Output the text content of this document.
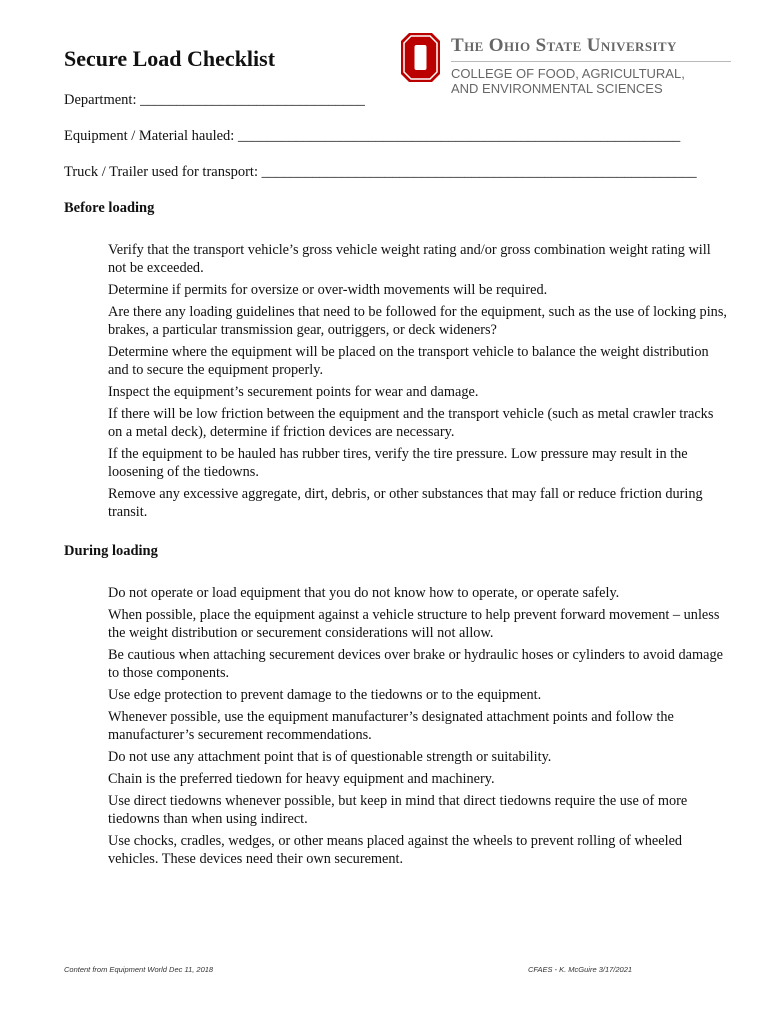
Secure Load Checklist
The Ohio State University
COLLEGE OF FOOD, AGRICULTURAL,
AND ENVIRONMENTAL SCIENCES
Department: _______________________________
Equipment / Material hauled: _____________________________________________________________
Truck / Trailer used for transport: ____________________________________________________________
Before loading
Verify that the transport vehicle’s gross vehicle weight rating and/or gross combination weight rating will not be exceeded.
Determine if permits for oversize or over-width movements will be required.
Are there any loading guidelines that need to be followed for the equipment, such as the use of locking pins, brakes, a particular transmission gear, outriggers, or deck wideners?
Determine where the equipment will be placed on the transport vehicle to balance the weight distribution and to secure the equipment properly.
Inspect the equipment’s securement points for wear and damage.
If there will be low friction between the equipment and the transport vehicle (such as metal crawler tracks on a metal deck), determine if friction devices are necessary.
If the equipment to be hauled has rubber tires, verify the tire pressure. Low pressure may result in the loosening of the tiedowns.
Remove any excessive aggregate, dirt, debris, or other substances that may fall or reduce friction during transit.
During loading
Do not operate or load equipment that you do not know how to operate, or operate safely.
When possible, place the equipment against a vehicle structure to help prevent forward movement – unless the weight distribution or securement considerations will not allow.
Be cautious when attaching securement devices over brake or hydraulic hoses or cylinders to avoid damage to those components.
Use edge protection to prevent damage to the tiedowns or to the equipment.
Whenever possible, use the equipment manufacturer’s designated attachment points and follow the manufacturer’s securement recommendations.
Do not use any attachment point that is of questionable strength or suitability.
Chain is the preferred tiedown for heavy equipment and machinery.
Use direct tiedowns whenever possible, but keep in mind that direct tiedowns require the use of more tiedowns than when using indirect.
Use chocks, cradles, wedges, or other means placed against the wheels to prevent rolling of wheeled vehicles. These devices need their own securement.
Content from Equipment World Dec 11, 2018	CFAES - K. McGuire 3/17/2021
